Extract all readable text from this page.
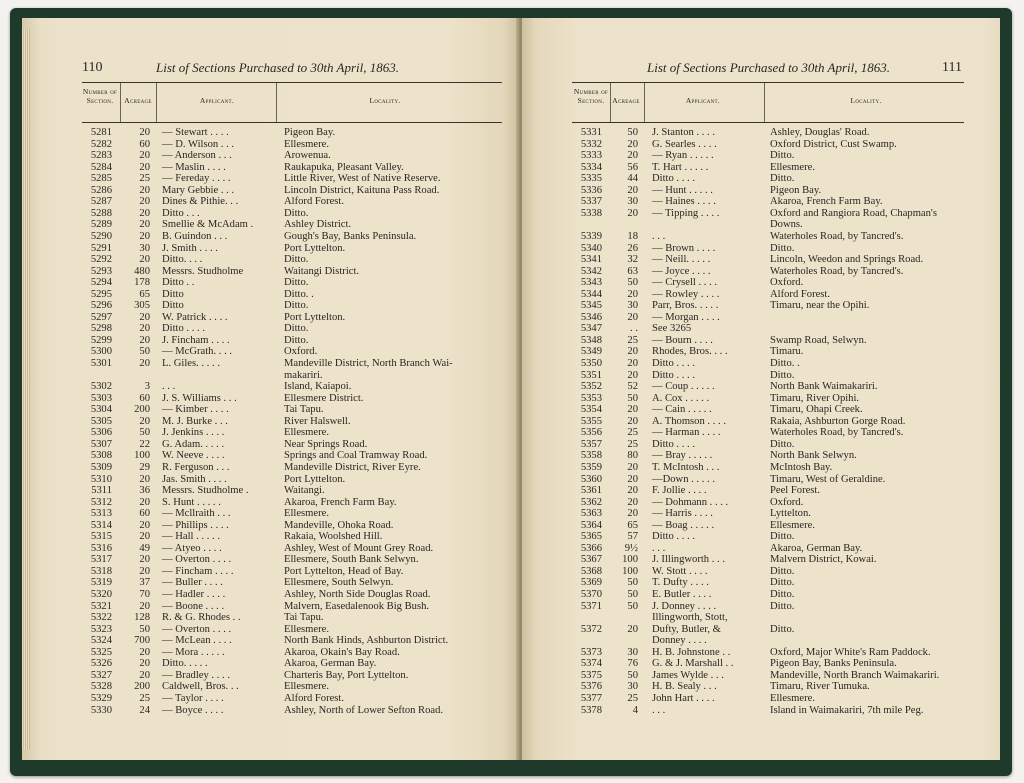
110	List of Sections Purchased to 30th April, 1863.
Number of Section.	Acreage	Applicant.	Locality.
5281	20 — Stewart . . . .	Pigeon Bay.
5282	60 — D. Wilson . . .	Ellesmere.
5283	20 — Anderson . . .	Arowenua.
5284	20 — Maslin . . . .	Raukapuka, Pleasant Valley.
5285	25 — Fereday . . . .	Little River, West of Native Reserve.
5286	20 Mary Gebbie . . .	Lincoln District, Kaituna Pass Road.
5287	20 Dines & Pithie. . .	Alford Forest.
5288	20 Ditto . . .	Ditto.
5289	20 Smellie & McAdam .	Ashley District.
5290	20 B. Guindon . . .	Gough's Bay, Banks Peninsula.
5291	30 J. Smith . . . .	Port Lyttelton.
5292	20 Ditto. . . .	Ditto.
5293	480 Messrs. Studholme	Waitangi District.
5294	178 Ditto . .	Ditto.
5295	65 Ditto	Ditto. .
5296	305 Ditto	Ditto.
5297	20 W. Patrick . . . .	Port Lyttelton.
5298	20 Ditto . . . .	Ditto.
5299	20 J. Fincham . . . .	Ditto.
5300	50 — McGrath. . . .	Oxford.
5301	20 L. Giles. . . . .	Mandeville District, North Branch Wai-
makariri.
5302	3 . . .	Island, Kaiapoi.
5303	60 J. S. Williams . . .	Ellesmere District.
5304	200 — Kimber . . . .	Tai Tapu.
5305	20 M. J. Burke . . .	River Halswell.
5306	50 J. Jenkins . . . .	Ellesmere.
5307	22 G. Adam. . . . .	Near Springs Road.
5308	100 W. Neeve . . . .	Springs and Coal Tramway Road.
5309	29 R. Ferguson . . .	Mandeville District, River Eyre.
5310	20 Jas. Smith . . . .	Port Lyttelton.
5311	36 Messrs. Studholme .	Waitangi.
5312	20 S. Hunt . . . . .	Akaroa, French Farm Bay.
5313	60 — Mcllraith . . .	Ellesmere.
5314	20 — Phillips . . . .	Mandeville, Ohoka Road.
5315	20 — Hall . . . . .	Rakaia, Woolshed Hill.
5316	49 — Atyeo . . . .	Ashley, West of Mount Grey Road.
5317	20 — Overton . . . .	Ellesmere, South Bank Selwyn.
5318	20 — Fincham . . . .	Port Lyttelton, Head of Bay.
5319	37 — Buller . . . .	Ellesmere, South Selwyn.
5320	70 — Hadler . . . .	Ashley, North Side Douglas Road.
5321	20 — Boone . . . .	Malvern, Easedalenook Big Bush.
5322	128 R. & G. Rhodes . .	Tai Tapu.
5323	50 — Overton . . . .	Ellesmere.
5324	700 — McLean . . . .	North Bank Hinds, Ashburton District.
5325	20 — Mora . . . . .	Akaroa, Okain's Bay Road.
5326	20 Ditto. . . . .	Akaroa, German Bay.
5327	20 — Bradley . . . .	Charteris Bay, Port Lyttelton.
5328	200 Caldwell, Bros. . .	Ellesmere.
5329	25 — Taylor . . . .	Alford Forest.
5330	24 — Boyce . . . .	Ashley, North of Lower Sefton Road.
List of Sections Purchased to 30th April, 1863.	111
Number of Section.	Acreage	Applicant.	Locality.
5331	50 J. Stanton . . . .	Ashley, Douglas' Road.
5332	20 G. Searles . . . .	Oxford District, Cust Swamp.
5333	20 — Ryan . . . . .	Ditto.
5334	56 T. Hart . . . . .	Ellesmere.
5335	44 Ditto . . . .	Ditto.
5336	20 — Hunt . . . . .	Pigeon Bay.
5337	30 — Haines . . . .	Akaroa, French Farm Bay.
5338	20 — Tipping . . . .	Oxford and Rangiora Road, Chapman's
Downs.
5339	18 . . .	Waterholes Road, by Tancred's.
5340	26 — Brown . . . .	Ditto.
5341	32 — Neill. . . . .	Lincoln, Weedon and Springs Road.
5342	63 — Joyce . . . .	Waterholes Road, by Tancred's.
5343	50 — Crysell . . . .	Oxford.
5344	20 — Rowley . . . .	Alford Forest.
5345	30 Parr, Bros. . . . .	Timaru, near the Opihi.
5346	20 — Morgan . . . .
5347	. . See 3265
5348	25 — Bourn . . . .	Swamp Road, Selwyn.
5349	20 Rhodes, Bros. . . .	Timaru.
5350	20 Ditto . . . .	Ditto. .
5351	20 Ditto . . . .	Ditto.
5352	52 — Coup . . . . .	North Bank Waimakariri.
5353	50 A. Cox . . . . .	Timaru, River Opihi.
5354	20 — Cain . . . . .	Timaru, Ohapi Creek.
5355	20 A. Thomson . . . .	Rakaia, Ashburton Gorge Road.
5356	25 — Harman . . . .	Waterholes Road, by Tancred's.
5357	25 Ditto . . . .	Ditto.
5358	80 — Bray . . . . .	North Bank Selwyn.
5359	20 T. McIntosh . . .	McIntosh Bay.
5360	20 —Down . . . . .	Timaru, West of Geraldine.
5361	20 F. Jollie . . . .	Peel Forest.
5362	20 — Dohmann . . . .	Oxford.
5363	20 — Harris . . . .	Lyttelton.
5364	65 — Boag . . . . .	Ellesmere.
5365	57 Ditto . . . .	Ditto.
5366	9½ . . .	Akaroa, German Bay.
5367	100 J. Illingworth . . .	Malvern District, Kowai.
5368	100 W. Stott . . . .	Ditto.
5369	50 T. Dufty . . . .	Ditto.
5370	50 E. Butler . . . .	Ditto.
5371	50 J. Donney . . . .	Ditto.
Illingworth, Stott,
5372	20 Dufty, Butler, &	Ditto.
Donney . . . .
5373	30 H. B. Johnstone . .	Oxford, Major White's Ram Paddock.
5374	76 G. & J. Marshall . .	Pigeon Bay, Banks Peninsula.
5375	50 James Wylde . . .	Mandeville, North Branch Waimakariri.
5376	30 H. B. Sealy . . .	Timaru, River Tumuka.
5377	25 John Hart . . . .	Ellesmere.
5378	4 . . .	Island in Waimakariri, 7th mile Peg.
